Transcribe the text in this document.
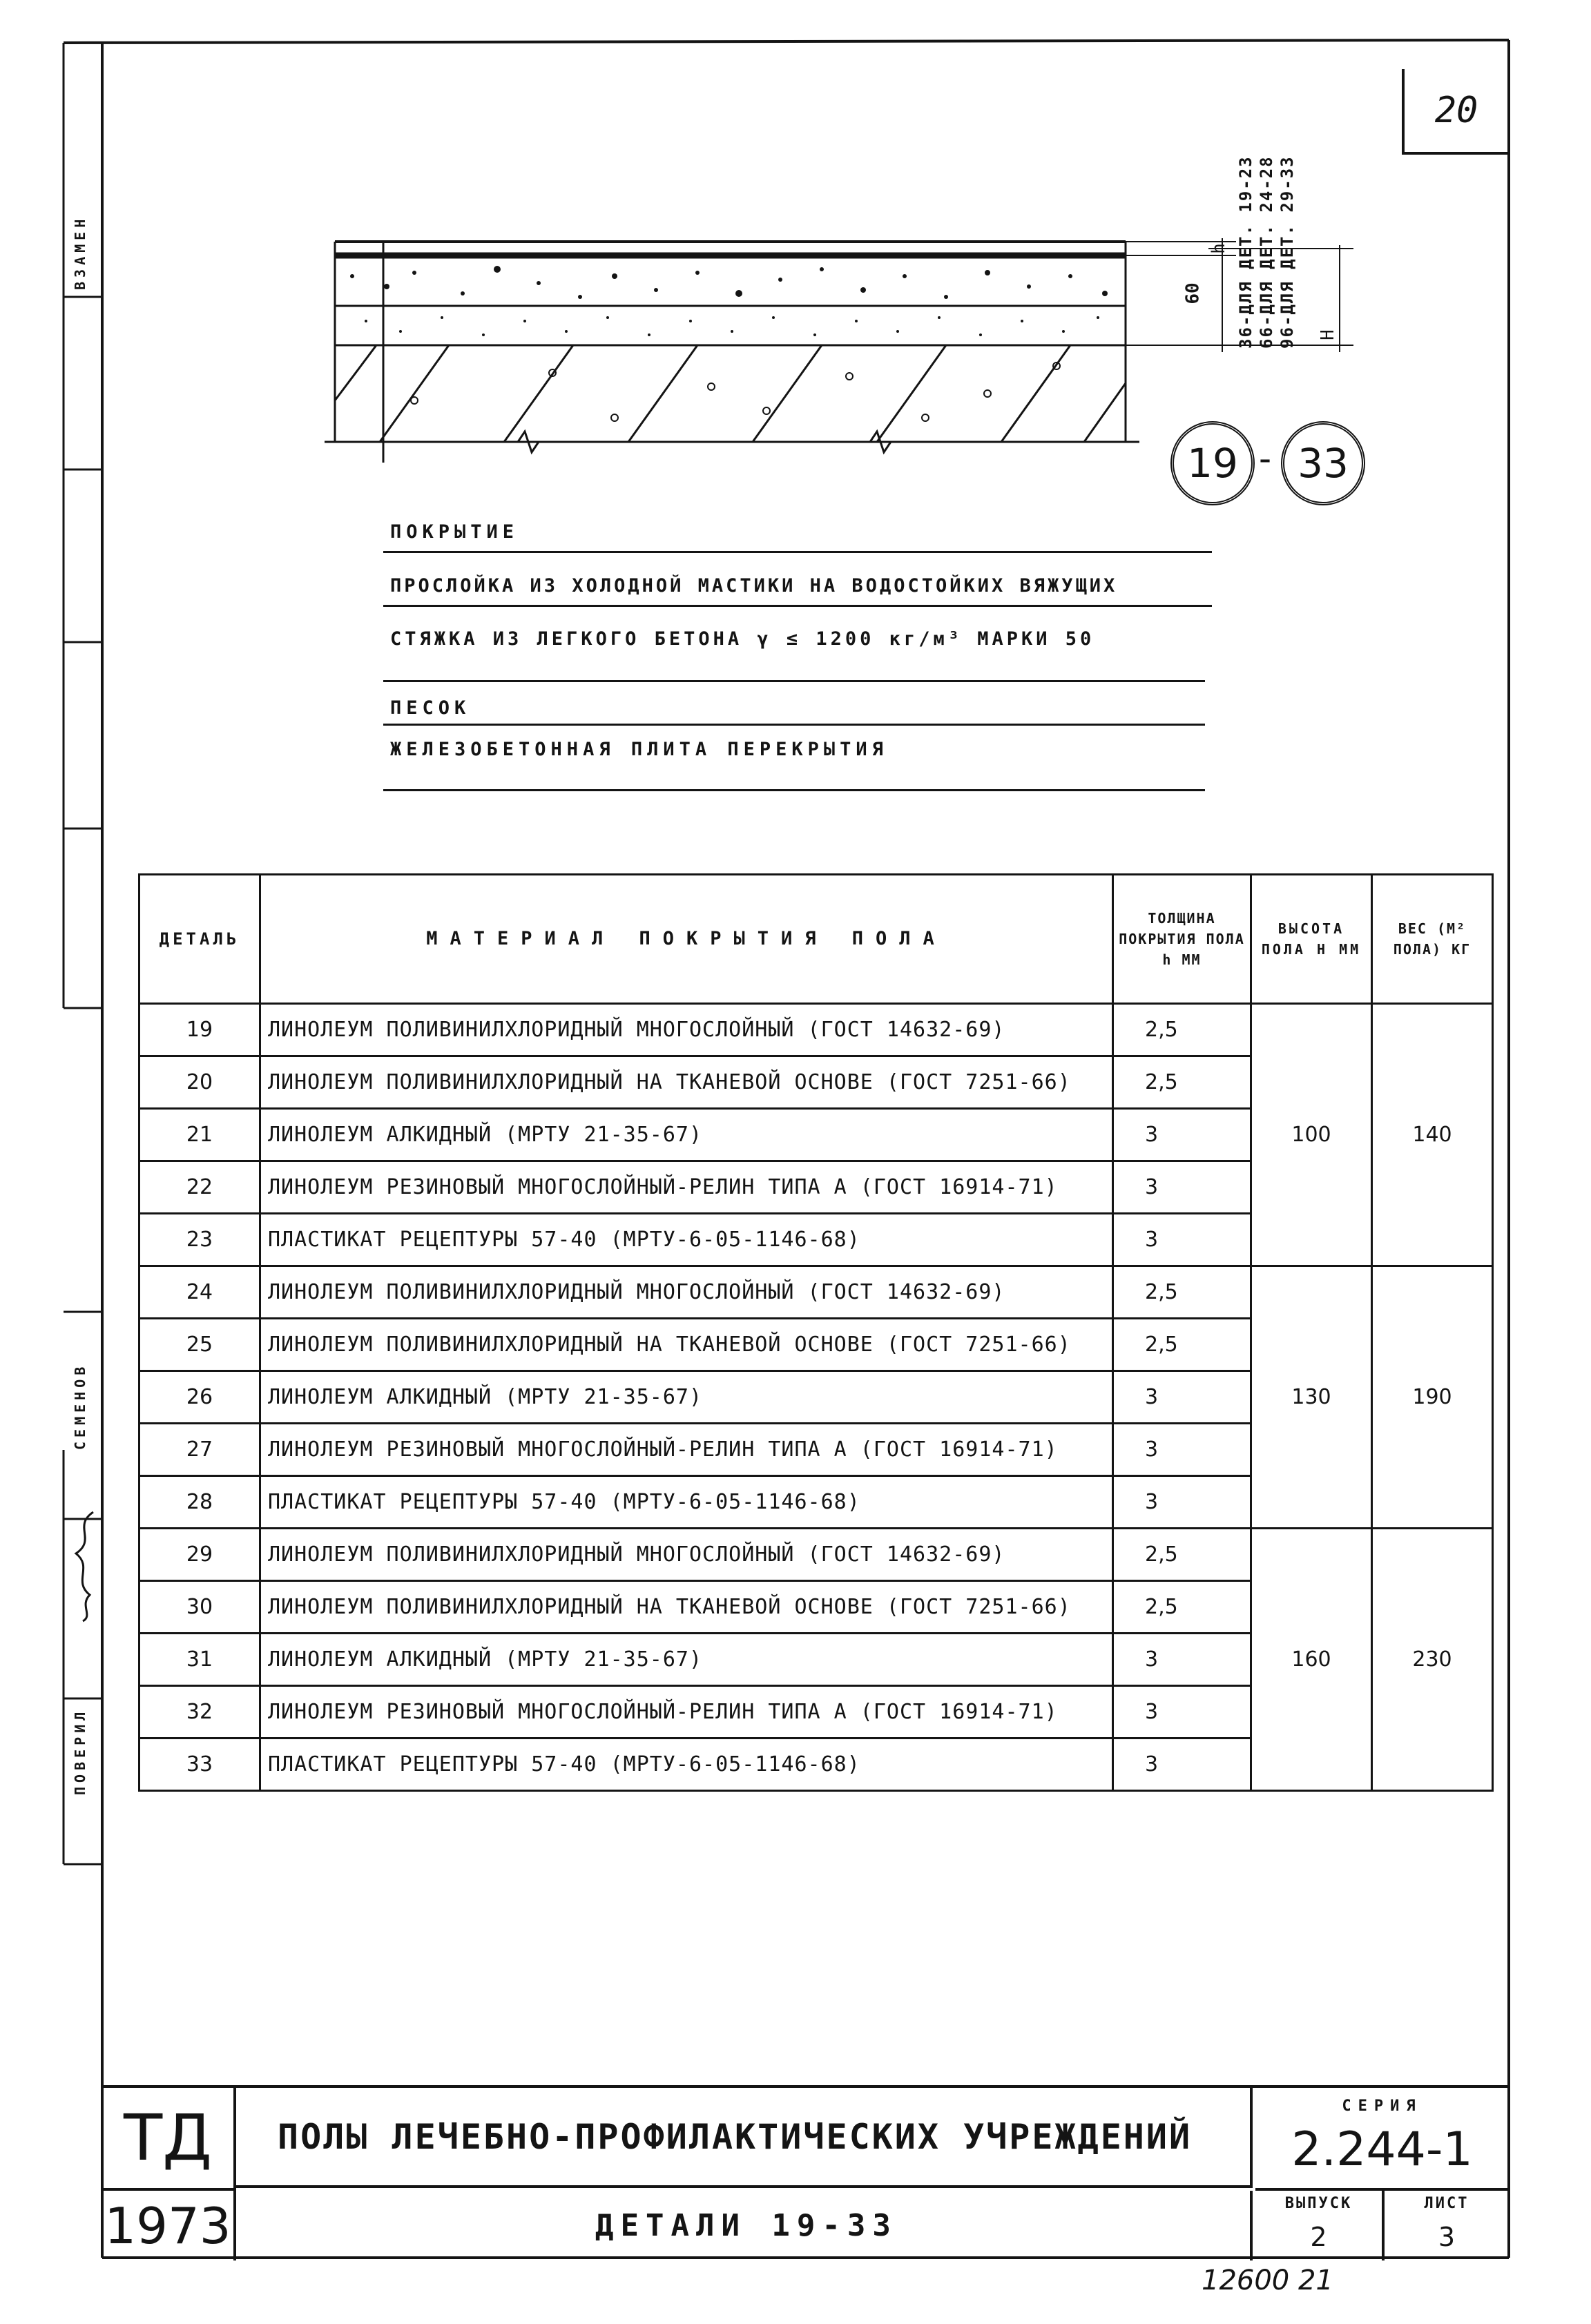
ВЗАМЕН
СЕМЕНОВ
ПОВЕРИЛ
20
60
h 36-ДЛЯ ДЕТ. 19-23 66-ДЛЯ ДЕТ. 24-28 96-ДЛЯ ДЕТ. 29-33 H
19 - 33
ПОКРЫТИЕ
ПРОСЛОЙКА ИЗ ХОЛОДНОЙ МАСТИКИ НА ВОДОСТОЙКИХ ВЯЖУЩИХ
СТЯЖКА ИЗ ЛЕГКОГО БЕТОНА γ ≤ 1200 кг/м³ МАРКИ 50
ПЕСОК
ЖЕЛЕЗОБЕТОННАЯ ПЛИТА ПЕРЕКРЫТИЯ
ДЕТАЛЬ	МАТЕРИАЛ ПОКРЫТИЯ ПОЛА	ТОЛЩИНА ПОКРЫТИЯ ПОЛА h ММ	ВЫСОТА ПОЛА H ММ	ВЕС (М² ПОЛА) КГ
19	ЛИНОЛЕУМ ПОЛИВИНИЛХЛОРИДНЫЙ МНОГОСЛОЙНЫЙ (ГОСТ 14632-69)	2,5	100	140
20	ЛИНОЛЕУМ ПОЛИВИНИЛХЛОРИДНЫЙ НА ТКАНЕВОЙ ОСНОВЕ (ГОСТ 7251-66)	2,5		
21	ЛИНОЛЕУМ АЛКИДНЫЙ (МРТУ 21-35-67)	3		
22	ЛИНОЛЕУМ РЕЗИНОВЫЙ МНОГОСЛОЙНЫЙ-РЕЛИН ТИПА А (ГОСТ 16914-71)	3		
23	ПЛАСТИКАТ РЕЦЕПТУРЫ 57-40 (МРТУ-6-05-1146-68)	3		
24	ЛИНОЛЕУМ ПОЛИВИНИЛХЛОРИДНЫЙ МНОГОСЛОЙНЫЙ (ГОСТ 14632-69)	2,5	130	190
25	ЛИНОЛЕУМ ПОЛИВИНИЛХЛОРИДНЫЙ НА ТКАНЕВОЙ ОСНОВЕ (ГОСТ 7251-66)	2,5		
26	ЛИНОЛЕУМ АЛКИДНЫЙ (МРТУ 21-35-67)	3		
27	ЛИНОЛЕУМ РЕЗИНОВЫЙ МНОГОСЛОЙНЫЙ-РЕЛИН ТИПА А (ГОСТ 16914-71)	3		
28	ПЛАСТИКАТ РЕЦЕПТУРЫ 57-40 (МРТУ-6-05-1146-68)	3		
29	ЛИНОЛЕУМ ПОЛИВИНИЛХЛОРИДНЫЙ МНОГОСЛОЙНЫЙ (ГОСТ 14632-69)	2,5	160	230
30	ЛИНОЛЕУМ ПОЛИВИНИЛХЛОРИДНЫЙ НА ТКАНЕВОЙ ОСНОВЕ (ГОСТ 7251-66)	2,5		
31	ЛИНОЛЕУМ АЛКИДНЫЙ (МРТУ 21-35-67)	3		
32	ЛИНОЛЕУМ РЕЗИНОВЫЙ МНОГОСЛОЙНЫЙ-РЕЛИН ТИПА А (ГОСТ 16914-71)	3		
33	ПЛАСТИКАТ РЕЦЕПТУРЫ 57-40 (МРТУ-6-05-1146-68)	3		
ТД
1973
ПОЛЫ ЛЕЧЕБНО-ПРОФИЛАКТИЧЕСКИХ УЧРЕЖДЕНИЙ
ДЕТАЛИ 19-33
СЕРИЯ
2.244-1
ВЫПУСК
2
ЛИСТ
3
12600 21
